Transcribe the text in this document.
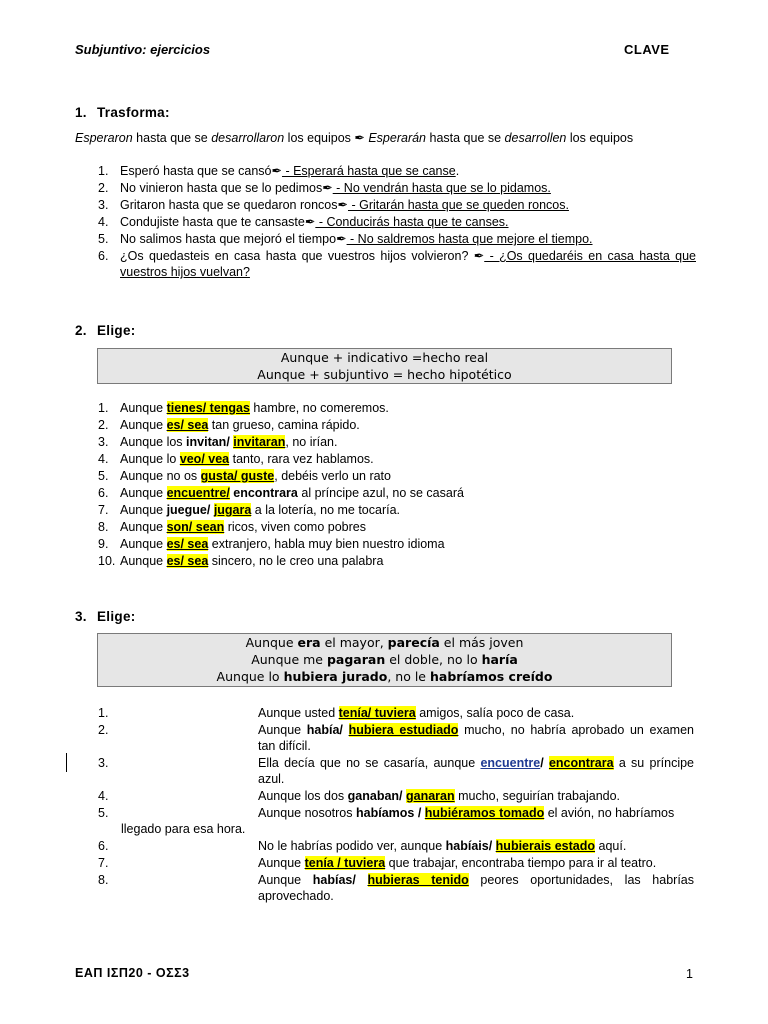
Subjuntivo: ejercicios	CLAVE
1. Trasforma:
Esperaron hasta que se desarrollaron los equipos ✒ Esperarán hasta que se desarrollen los equipos
1. Esperó hasta que se cansó✒ - Esperará hasta que se canse.
2. No vinieron hasta que se lo pedimos✒ - No vendrán hasta que se lo pidamos.
3. Gritaron hasta que se quedaron roncos✒ - Gritarán hasta que se queden roncos.
4. Condujiste hasta que te cansaste✒ - Conducirás hasta que te canses.
5. No salimos hasta que mejoró el tiempo✒ - No saldremos hasta que mejore el tiempo.
6. ¿Os quedasteis en casa hasta que vuestros hijos volvieron? ✒ - ¿Os quedaréis en casa hasta que vuestros hijos vuelvan?
2. Elige:
Aunque + indicativo =hecho real
Aunque + subjuntivo = hecho hipotético
1. Aunque tienes/ tengas hambre, no comeremos.
2. Aunque es/ sea tan grueso, camina rápido.
3. Aunque los invitan/ invitaran, no irían.
4. Aunque lo veo/ vea tanto, rara vez hablamos.
5. Aunque no os gusta/ guste, debéis verlo un rato
6. Aunque encuentre/ encontrara al príncipe azul, no se casará
7. Aunque juegue/ jugara a la lotería, no me tocaría.
8. Aunque son/ sean ricos, viven como pobres
9. Aunque es/ sea extranjero, habla muy bien nuestro idioma
10. Aunque es/ sea sincero, no le creo una palabra
3. Elige:
Aunque era el mayor, parecía el más joven
Aunque me pagaran el doble, no lo haría
Aunque lo hubiera jurado, no le habríamos creído
1.	Aunque usted tenía/ tuviera amigos, salía poco de casa.
2.	Aunque había/ hubiera estudiado mucho, no habría aprobado un examen tan difícil.
3.	Ella decía que no se casaría, aunque encuentre/ encontrara a su príncipe azul.
4.	Aunque los dos ganaban/ ganaran mucho, seguirían trabajando.
5.	Aunque nosotros habíamos / hubiéramos tomado el avión, no habríamos
llegado para esa hora.
6.	No le habrías podido ver, aunque habíais/ hubierais estado aquí.
7.	Aunque tenía / tuviera que trabajar, encontraba tiempo para ir al teatro.
8.	Aunque habías/ hubieras tenido peores oportunidades, las habrías aprovechado.
ΕΑΠ ΙΣΠ20 - ΟΣΣ3	1
